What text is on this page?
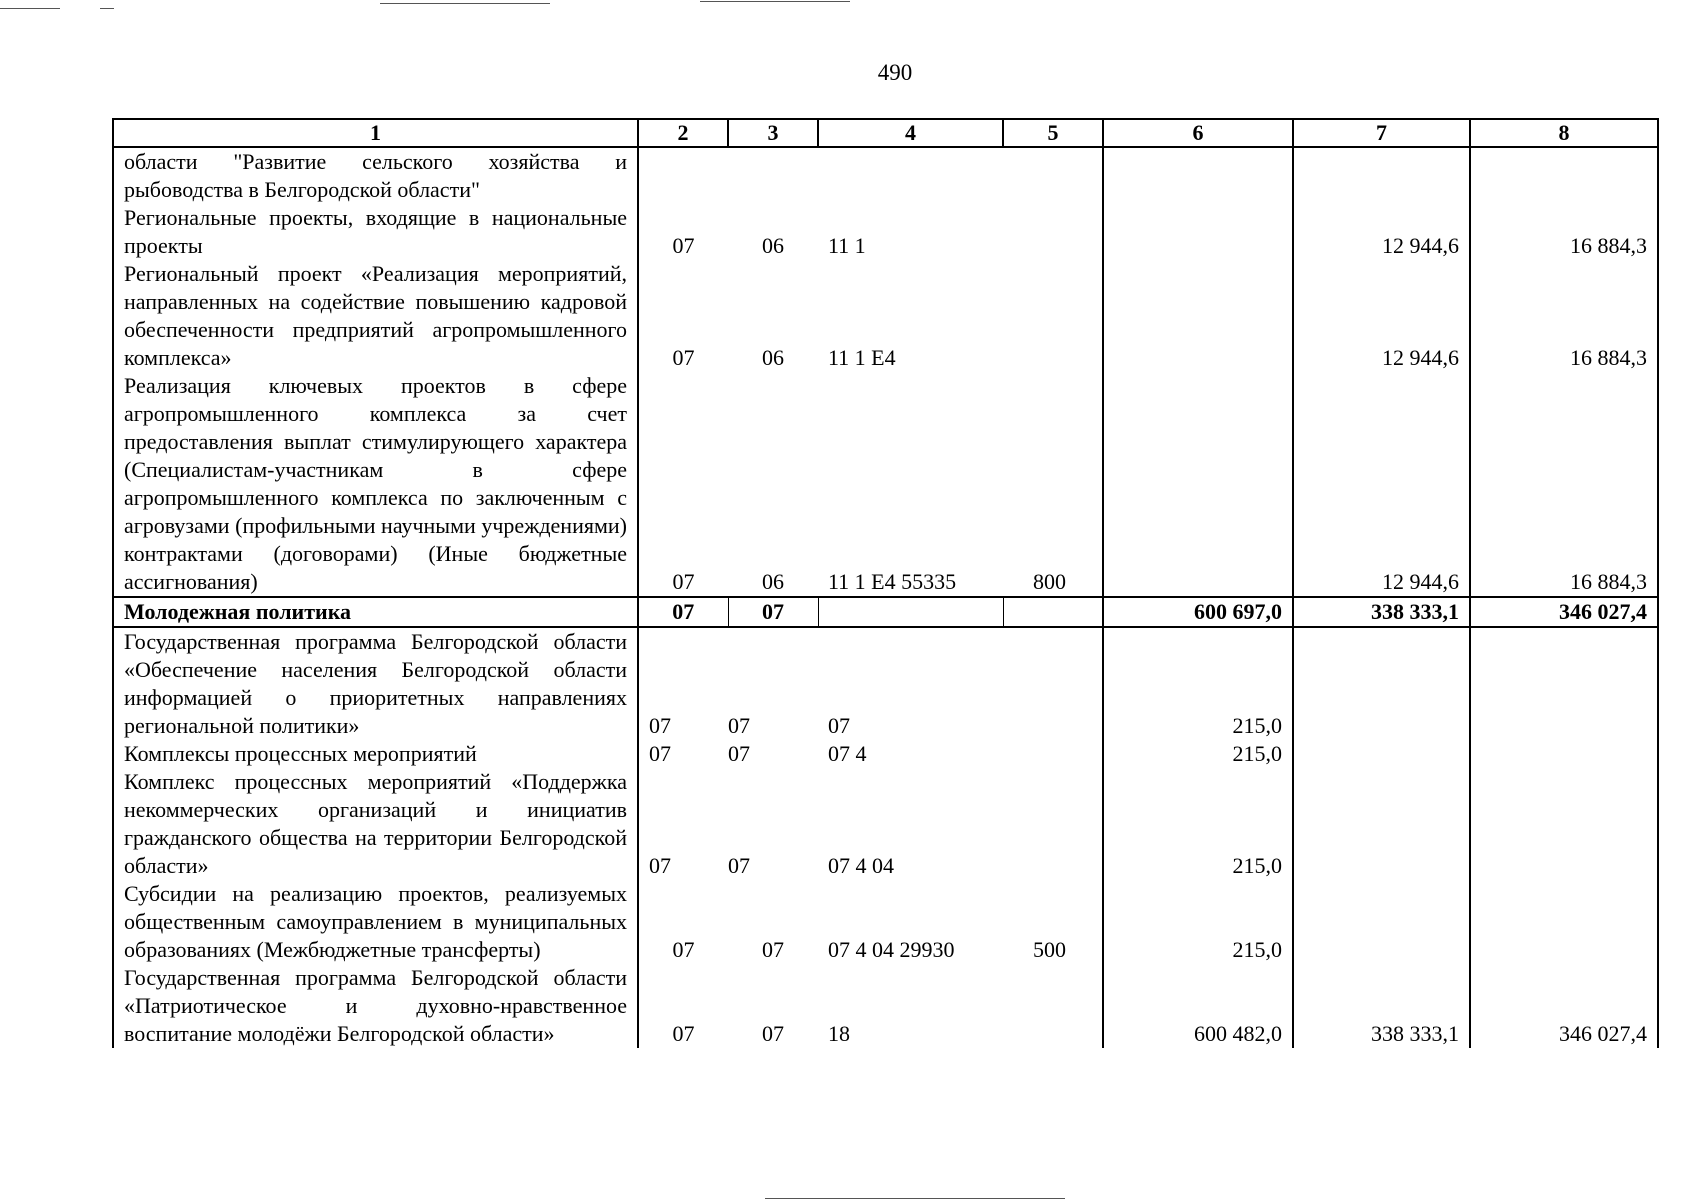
490
1	2	3	4	5	6	7	8
области "Развитие сельского хозяйства и рыбоводства в Белгородской области"							
Региональные проекты, входящие в национальные проекты	07	06	11 1			12 944,6	16 884,3
Региональный проект «Реализация мероприятий, направленных на содействие повышению кадровой обеспеченности предприятий агропромышленного комплекса»	07	06	11 1 Е4			12 944,6	16 884,3
Реализация ключевых проектов в сфере агропромышленного комплекса за счет предоставления выплат стимулирующего характера (Специалистам-участникам в сфере агропромышленного комплекса по заключенным с агровузами (профильными научными учреждениями) контрактами (договорами) (Иные бюджетные ассигнования)	07	06	11 1 Е4 55335	800		12 944,6	16 884,3
Молодежная политика	07	07			600 697,0	338 333,1	346 027,4
Государственная программа Белгородской области «Обеспечение населения Белгородской области информацией о приоритетных направлениях региональной политики»	07	07	07		215,0		
Комплексы процессных мероприятий	07	07	07 4		215,0		
Комплекс процессных мероприятий «Поддержка некоммерческих организаций и инициатив гражданского общества на территории Белгородской области»	07	07	07 4 04		215,0		
Субсидии на реализацию проектов, реализуемых общественным самоуправлением в муниципальных образованиях (Межбюджетные трансферты)	07	07	07 4 04 29930	500	215,0		
Государственная программа Белгородской области «Патриотическое и духовно-нравственное воспитание молодёжи Белгородской области»	07	07	18		600 482,0	338 333,1	346 027,4
